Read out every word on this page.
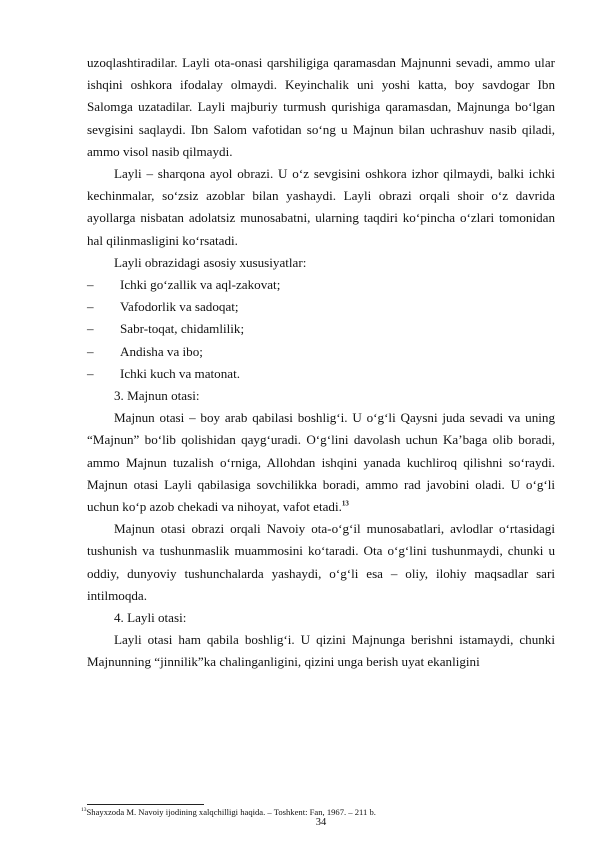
uzoqlashtiradilar. Layli ota-onasi qarshiligiga qaramasdan Majnunni sevadi, ammo ular ishqini oshkora ifodalay olmaydi. Keyinchalik uni yoshi katta, boy savdogar Ibn Salomga uzatadilar. Layli majburiy turmush qurishiga qaramasdan, Majnunga bo‘lgan sevgisini saqlaydi. Ibn Salom vafotidan so‘ng u Majnun bilan uchrashuv nasib qiladi, ammo visol nasib qilmaydi.

Layli – sharqona ayol obrazi. U o‘z sevgisini oshkora izhor qilmaydi, balki ichki kechinmalar, so‘zsiz azoblar bilan yashaydi. Layli obrazi orqali shoir o‘z davrida ayollarga nisbatan adolatsiz munosabatni, ularning taqdiri ko‘pincha o‘zlari tomonidan hal qilinmasligini ko‘rsatadi.

Layli obrazidagi asosiy xususiyatlar:

–	Ichki go‘zallik va aql-zakovat;
–	Vafodorlik va sadoqat;
–	Sabr-toqat, chidamlilik;
–	Andisha va ibo;
–	Ichki kuch va matonat.

3. Majnun otasi:

Majnun otasi – boy arab qabilasi boshlig‘i. U o‘g‘li Qaysni juda sevadi va uning “Majnun” bo‘lib qolishidan qayg‘uradi. O‘g‘lini davolash uchun Ka’baga olib boradi, ammo Majnun tuzalish o‘rniga, Allohdan ishqini yanada kuchliroq qilishni so‘raydi. Majnun otasi Layli qabilasiga sovchilikka boradi, ammo rad javobini oladi. U o‘g‘li uchun ko‘p azob chekadi va nihoyat, vafot etadi.$^{13}$

Majnun otasi obrazi orqali Navoiy ota-o‘g‘il munosabatlari, avlodlar o‘rtasidagi tushunish va tushunmaslik muammosini ko‘taradi. Ota o‘g‘lini tushunmaydi, chunki u oddiy, dunyoviy tushunchalarda yashaydi, o‘g‘li esa – oliy, ilohiy maqsadlar sari intilmoqda.

4. Layli otasi:

Layli otasi ham qabila boshlig‘i. U qizini Majnunga berishni istamaydi, chunki Majnunning “jinnilik”ka chalinganligini, qizini unga berish uyat ekanligini

$^{13}$Shayxzoda M. Navoiy ijodining xalqchilligi haqida. – Toshkent: Fan, 1967. – 211 b.
34
